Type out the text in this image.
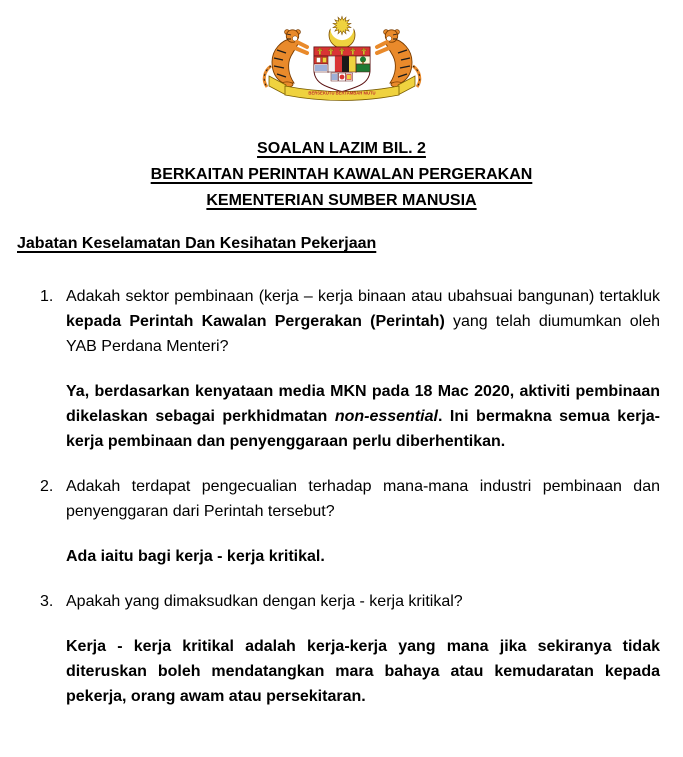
BERSEKUTU BERTAMBAH MUTU
SOALAN LAZIM BIL. 2
BERKAITAN PERINTAH KAWALAN PERGERAKAN
KEMENTERIAN SUMBER MANUSIA
Jabatan Keselamatan Dan Kesihatan Pekerjaan
1. Adakah sektor pembinaan (kerja – kerja binaan atau ubahsuai bangunan) tertakluk kepada Perintah Kawalan Pergerakan (Perintah) yang telah diumumkan oleh YAB Perdana Menteri?
Ya, berdasarkan kenyataan media MKN pada 18 Mac 2020, aktiviti pembinaan dikelaskan sebagai perkhidmatan non-essential. Ini bermakna semua kerja-kerja pembinaan dan penyenggaraan perlu diberhentikan.
2. Adakah terdapat pengecualian terhadap mana-mana industri pembinaan dan penyenggaran dari Perintah tersebut?
Ada iaitu bagi kerja - kerja kritikal.
3. Apakah yang dimaksudkan dengan kerja - kerja kritikal?
Kerja - kerja kritikal adalah kerja-kerja yang mana jika sekiranya tidak diteruskan boleh mendatangkan mara bahaya atau kemudaratan kepada pekerja, orang awam atau persekitaran.
